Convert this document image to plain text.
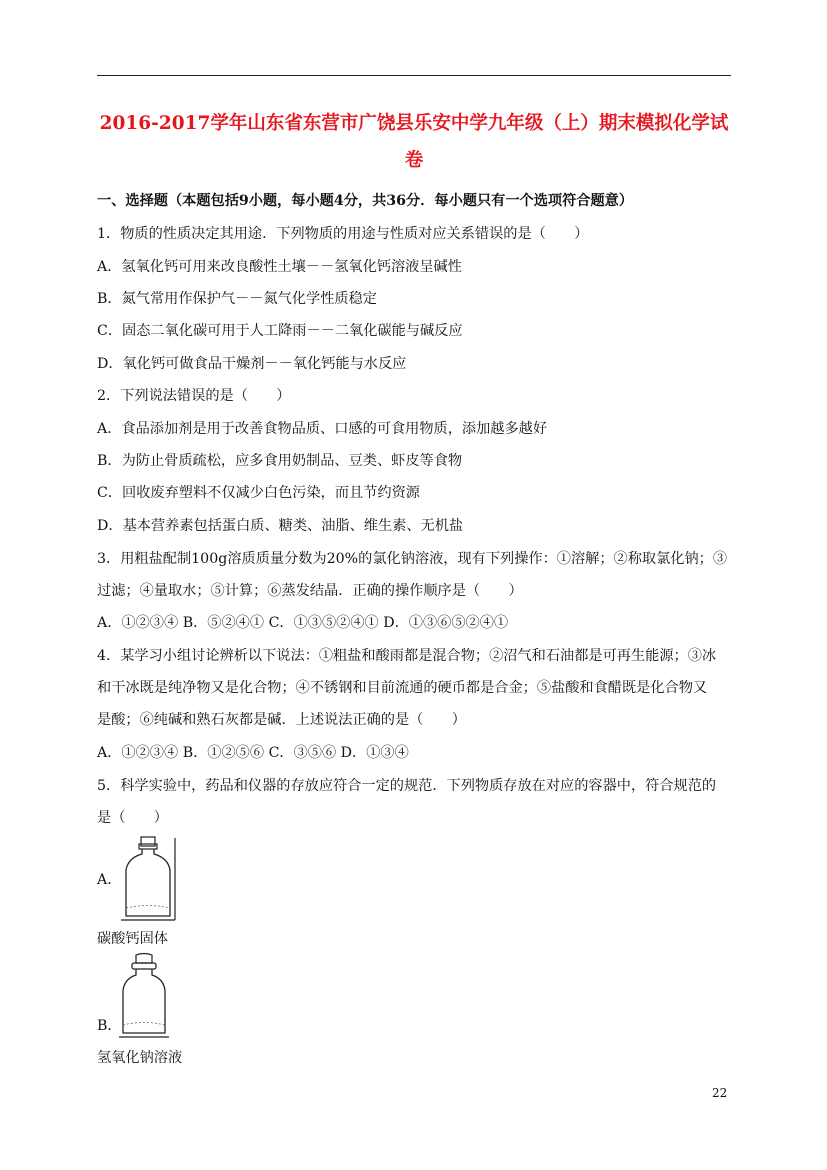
2016-2017学年山东省东营市广饶县乐安中学九年级（上）期末模拟化学试
卷
一、选择题（本题包括9小题，每小题4分，共36分．每小题只有一个选项符合题意）
1．物质的性质决定其用途．下列物质的用途与性质对应关系错误的是（　　）
A．氢氧化钙可用来改良酸性土壤－－氢氧化钙溶液呈碱性
B．氮气常用作保护气－－氮气化学性质稳定
C．固态二氧化碳可用于人工降雨－－二氧化碳能与碱反应
D．氧化钙可做食品干燥剂－－氧化钙能与水反应
2．下列说法错误的是（　　）
A．食品添加剂是用于改善食物品质、口感的可食用物质，添加越多越好
B．为防止骨质疏松，应多食用奶制品、豆类、虾皮等食物
C．回收废弃塑料不仅减少白色污染，而且节约资源
D．基本营养素包括蛋白质、糖类、油脂、维生素、无机盐
3．用粗盐配制100g溶质质量分数为20%的氯化钠溶液，现有下列操作：①溶解；②称取氯化钠；③
过滤；④量取水；⑤计算；⑥蒸发结晶．正确的操作顺序是（　　）
A．①②③④ B．⑤②④① C．①③⑤②④① D．①③⑥⑤②④①
4．某学习小组讨论辨析以下说法：①粗盐和酸雨都是混合物；②沼气和石油都是可再生能源；③冰
和干冰既是纯净物又是化合物；④不锈钢和目前流通的硬币都是合金；⑤盐酸和食醋既是化合物又
是酸；⑥纯碱和熟石灰都是碱．上述说法正确的是（　　）
A．①②③④ B．①②⑤⑥ C．③⑤⑥ D．①③④
5．科学实验中，药品和仪器的存放应符合一定的规范．下列物质存放在对应的容器中，符合规范的
是（　　）
A．
碳酸钙固体
B．
氢氧化钠溶液
22
